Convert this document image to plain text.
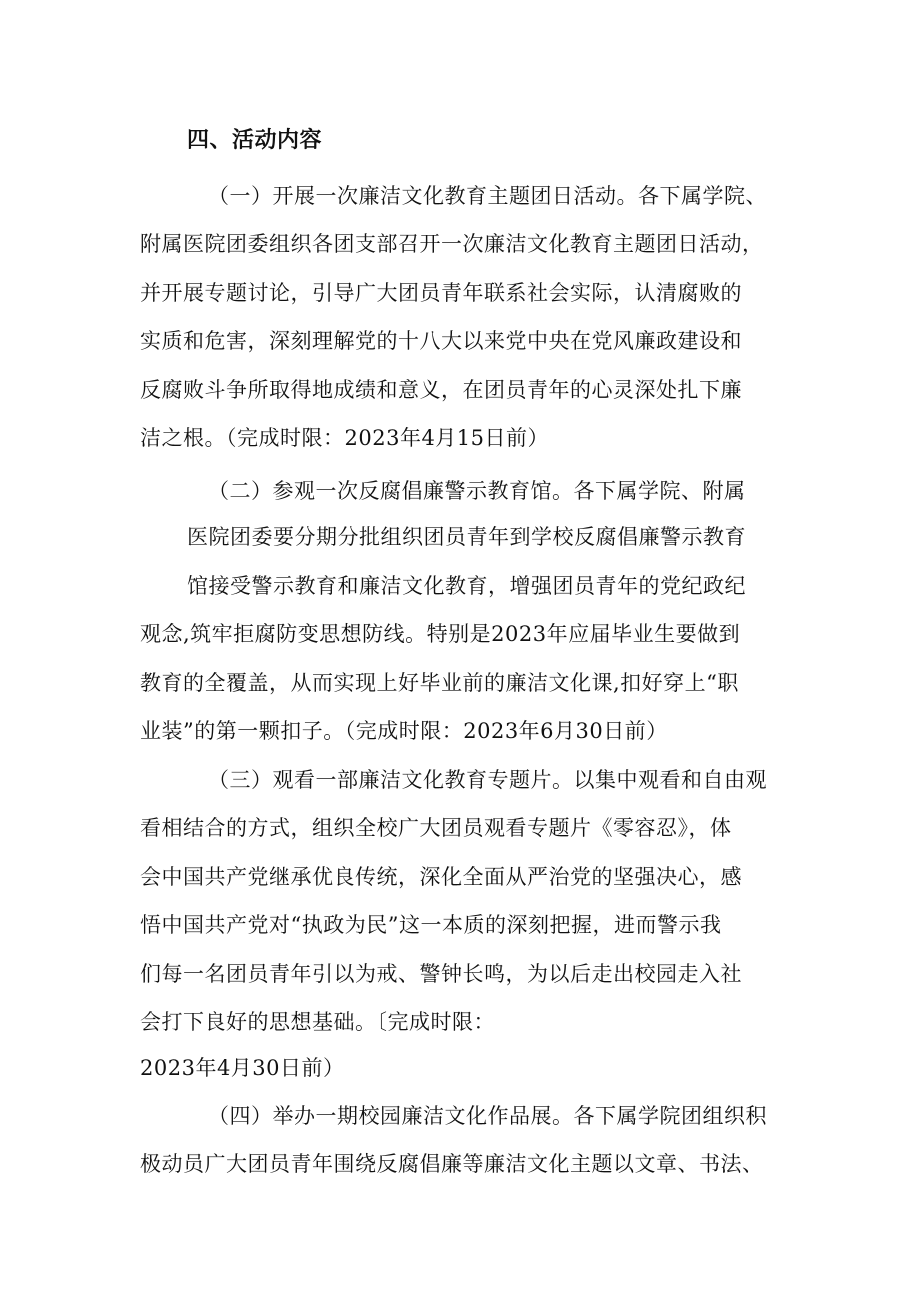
四、活动内容
（一）开展一次廉洁文化教育主题团日活动。各下属学院、
附属医院团委组织各团支部召开一次廉洁文化教育主题团日活动，
并开展专题讨论，引导广大团员青年联系社会实际，认清腐败的
实质和危害，深刻理解党的十八大以来党中央在党风廉政建设和
反腐败斗争所取得地成绩和意义，在团员青年的心灵深处扎下廉
洁之根。（完成时限：2023年4月15日前）
（二）参观一次反腐倡廉警示教育馆。各下属学院、附属
医院团委要分期分批组织团员青年到学校反腐倡廉警示教育
馆接受警示教育和廉洁文化教育，增强团员青年的党纪政纪
观念,筑牢拒腐防变思想防线。特别是2023年应届毕业生要做到
教育的全覆盖，从而实现上好毕业前的廉洁文化课,扣好穿上“职
业装”的第一颗扣子。（完成时限：2023年6月30日前）
（三）观看一部廉洁文化教育专题片。以集中观看和自由观
看相结合的方式，组织全校广大团员观看专题片《零容忍》，体
会中国共产党继承优良传统，深化全面从严治党的坚强决心，感
悟中国共产党对“执政为民”这一本质的深刻把握，进而警示我
们每一名团员青年引以为戒、警钟长鸣，为以后走出校园走入社
会打下良好的思想基础。〔完成时限：
2023年4月30日前）
（四）举办一期校园廉洁文化作品展。各下属学院团组织积
极动员广大团员青年围绕反腐倡廉等廉洁文化主题以文章、书法、
